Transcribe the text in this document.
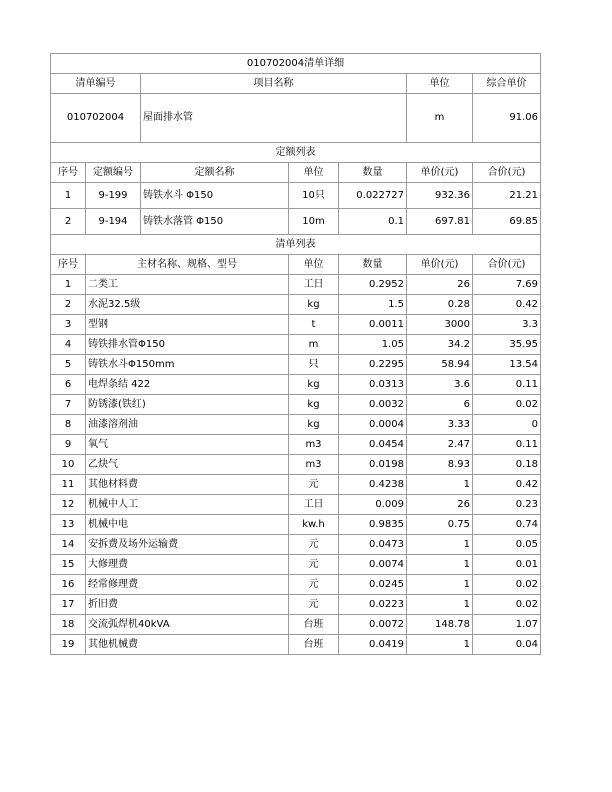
010702004清单详细						
清单编号		项目名称			单位	综合单价
010702004		屋面排水管			m	91.06
定额列表						
序号	定额编号	定额名称	单位	数量	单价(元)	合价(元)
1	9-199	铸铁水斗 Φ150	10只	0.022727	932.36	21.21
2	9-194	铸铁水落管 Φ150	10m	0.1	697.81	69.85
清单列表						
序号	主材名称、规格、型号		单位	数量	单价(元)	合价(元)
1	二类工		工日	0.2952	26	7.69
2	水泥32.5级		kg	1.5	0.28	0.42
3	型钢		t	0.0011	3000	3.3
4	铸铁排水管Φ150		m	1.05	34.2	35.95
5	铸铁水斗Φ150mm		只	0.2295	58.94	13.54
6	电焊条结 422		kg	0.0313	3.6	0.11
7	防锈漆(铁红)		kg	0.0032	6	0.02
8	油漆溶剂油		kg	0.0004	3.33	0
9	氧气		m3	0.0454	2.47	0.11
10	乙炔气		m3	0.0198	8.93	0.18
11	其他材料费		元	0.4238	1	0.42
12	机械中人工		工日	0.009	26	0.23
13	机械中电		kw.h	0.9835	0.75	0.74
14	安拆费及场外运输费		元	0.0473	1	0.05
15	大修理费		元	0.0074	1	0.01
16	经常修理费		元	0.0245	1	0.02
17	折旧费		元	0.0223	1	0.02
18	交流弧焊机40kVA		台班	0.0072	148.78	1.07
19	其他机械费		台班	0.0419	1	0.04
